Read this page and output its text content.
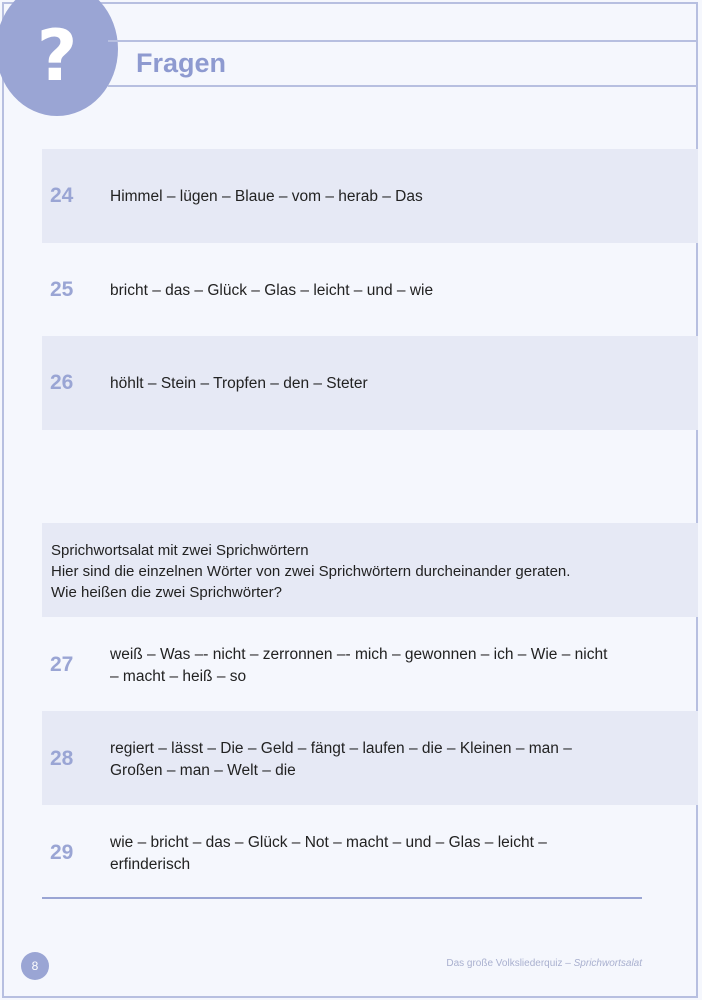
? Fragen
24	Himmel – lügen – Blaue – vom – herab – Das
25	bricht – das – Glück – Glas – leicht – und – wie
26	höhlt – Stein – Tropfen – den – Steter
Sprichwortsalat mit zwei Sprichwörtern
Hier sind die einzelnen Wörter von zwei Sprichwörtern durcheinander geraten.
Wie heißen die zwei Sprichwörter?
27	weiß – Was –- nicht – zerronnen –- mich – gewonnen – ich – Wie – nicht
– macht – heiß – so
28	regiert – lässt – Die – Geld – fängt – laufen – die – Kleinen – man –
Großen – man – Welt – die
29	wie – bricht – das – Glück – Not – macht – und – Glas – leicht –
erfinderisch
8	Das große Volksliederquiz – Sprichwortsalat
